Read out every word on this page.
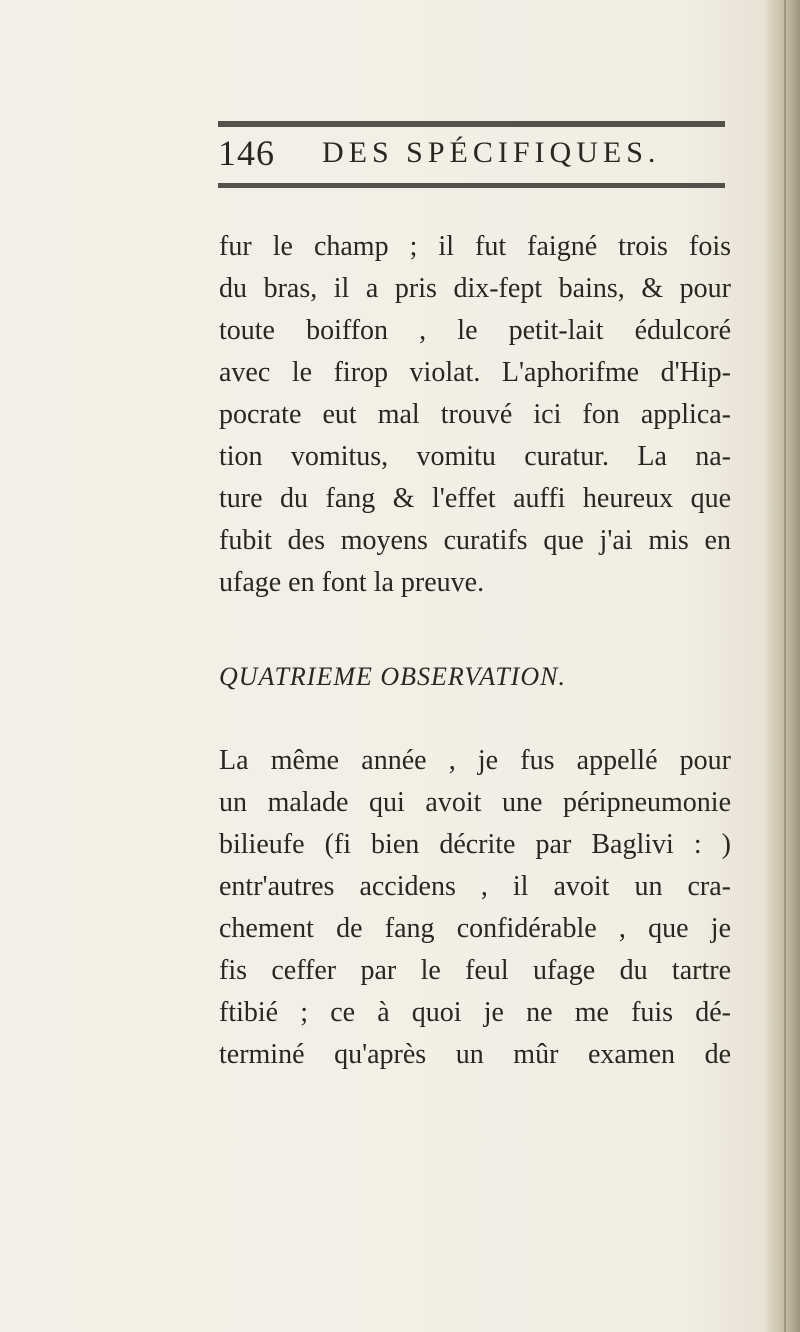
146 DES SPÉCIFIQUES.
fur le champ ; il fut faigné trois fois
du bras, il a pris dix-fept bains, & pour
toute boiffon , le petit-lait édulcoré
avec le firop violat. L'aphorifme d'Hip-
pocrate eut mal trouvé ici fon applica-
tion vomitus, vomitu curatur. La na-
ture du fang & l'effet auffi heureux que
fubit des moyens curatifs que j'ai mis en
ufage en font la preuve.
QUATRIEME OBSERVATION.
La même année , je fus appellé pour
un malade qui avoit une péripneumonie
bilieufe (fi bien décrite par Baglivi : )
entr'autres accidens , il avoit un cra-
chement de fang confidérable , que je
fis ceffer par le feul ufage du tartre
ftibié ; ce à quoi je ne me fuis dé-
terminé qu'après un mûr examen de
